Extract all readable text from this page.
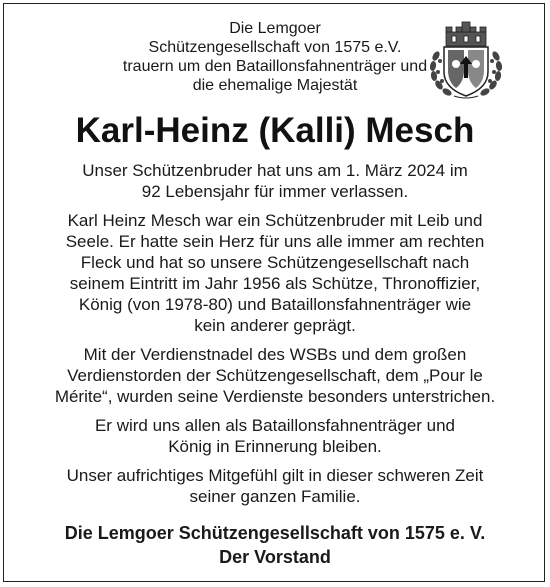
Die Lemgoer
Schützengesellschaft von 1575 e.V.
trauern um den Bataillonsfahnenträger und
die ehemalige Majestät
Karl-Heinz (Kalli) Mesch
Unser Schützenbruder hat uns am 1. März 2024 im
92 Lebensjahr für immer verlassen.
Karl Heinz Mesch war ein Schützenbruder mit Leib und
Seele. Er hatte sein Herz für uns alle immer am rechten
Fleck und hat so unsere Schützengesellschaft nach
seinem Eintritt im Jahr 1956 als Schütze, Thronoffizier,
König (von 1978-80) und Bataillonsfahnenträger wie
kein anderer geprägt.
Mit der Verdienstnadel des WSBs und dem großen
Verdienstorden der Schützengesellschaft, dem „Pour le
Mérite“, wurden seine Verdienste besonders unterstrichen.
Er wird uns allen als Bataillonsfahnenträger und
König in Erinnerung bleiben.
Unser aufrichtiges Mitgefühl gilt in dieser schweren Zeit
seiner ganzen Familie.
Die Lemgoer Schützengesellschaft von 1575 e. V.
Der Vorstand
